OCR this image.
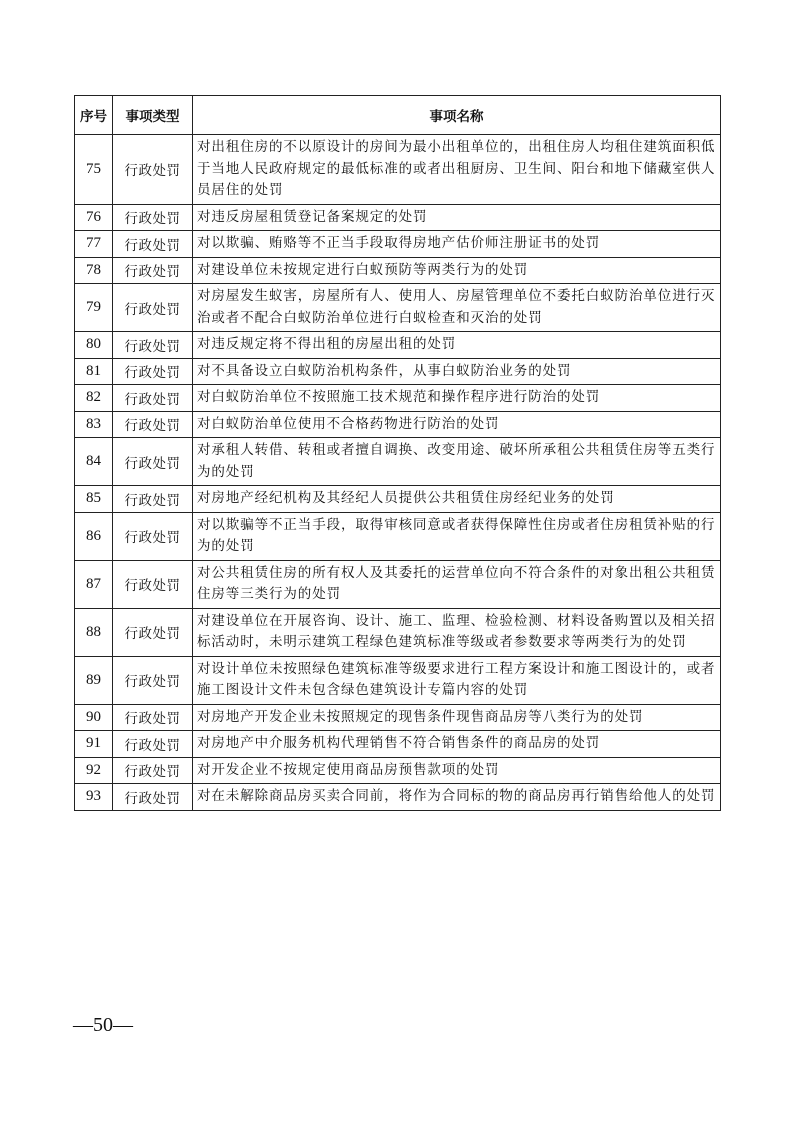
序号	事项类型	事项名称
75	行政处罚	对出租住房的不以原设计的房间为最小出租单位的，出租住房人均租住建筑面积低于当地人民政府规定的最低标准的或者出租厨房、卫生间、阳台和地下储藏室供人员居住的处罚
76	行政处罚	对违反房屋租赁登记备案规定的处罚
77	行政处罚	对以欺骗、贿赂等不正当手段取得房地产估价师注册证书的处罚
78	行政处罚	对建设单位未按规定进行白蚁预防等两类行为的处罚
79	行政处罚	对房屋发生蚁害，房屋所有人、使用人、房屋管理单位不委托白蚁防治单位进行灭治或者不配合白蚁防治单位进行白蚁检查和灭治的处罚
80	行政处罚	对违反规定将不得出租的房屋出租的处罚
81	行政处罚	对不具备设立白蚁防治机构条件，从事白蚁防治业务的处罚
82	行政处罚	对白蚁防治单位不按照施工技术规范和操作程序进行防治的处罚
83	行政处罚	对白蚁防治单位使用不合格药物进行防治的处罚
84	行政处罚	对承租人转借、转租或者擅自调换、改变用途、破坏所承租公共租赁住房等五类行为的处罚
85	行政处罚	对房地产经纪机构及其经纪人员提供公共租赁住房经纪业务的处罚
86	行政处罚	对以欺骗等不正当手段，取得审核同意或者获得保障性住房或者住房租赁补贴的行为的处罚
87	行政处罚	对公共租赁住房的所有权人及其委托的运营单位向不符合条件的对象出租公共租赁住房等三类行为的处罚
88	行政处罚	对建设单位在开展咨询、设计、施工、监理、检验检测、材料设备购置以及相关招标活动时，未明示建筑工程绿色建筑标准等级或者参数要求等两类行为的处罚
89	行政处罚	对设计单位未按照绿色建筑标准等级要求进行工程方案设计和施工图设计的，或者施工图设计文件未包含绿色建筑设计专篇内容的处罚
90	行政处罚	对房地产开发企业未按照规定的现售条件现售商品房等八类行为的处罚
91	行政处罚	对房地产中介服务机构代理销售不符合销售条件的商品房的处罚
92	行政处罚	对开发企业不按规定使用商品房预售款项的处罚
93	行政处罚	对在未解除商品房买卖合同前，将作为合同标的物的商品房再行销售给他人的处罚
—50—
